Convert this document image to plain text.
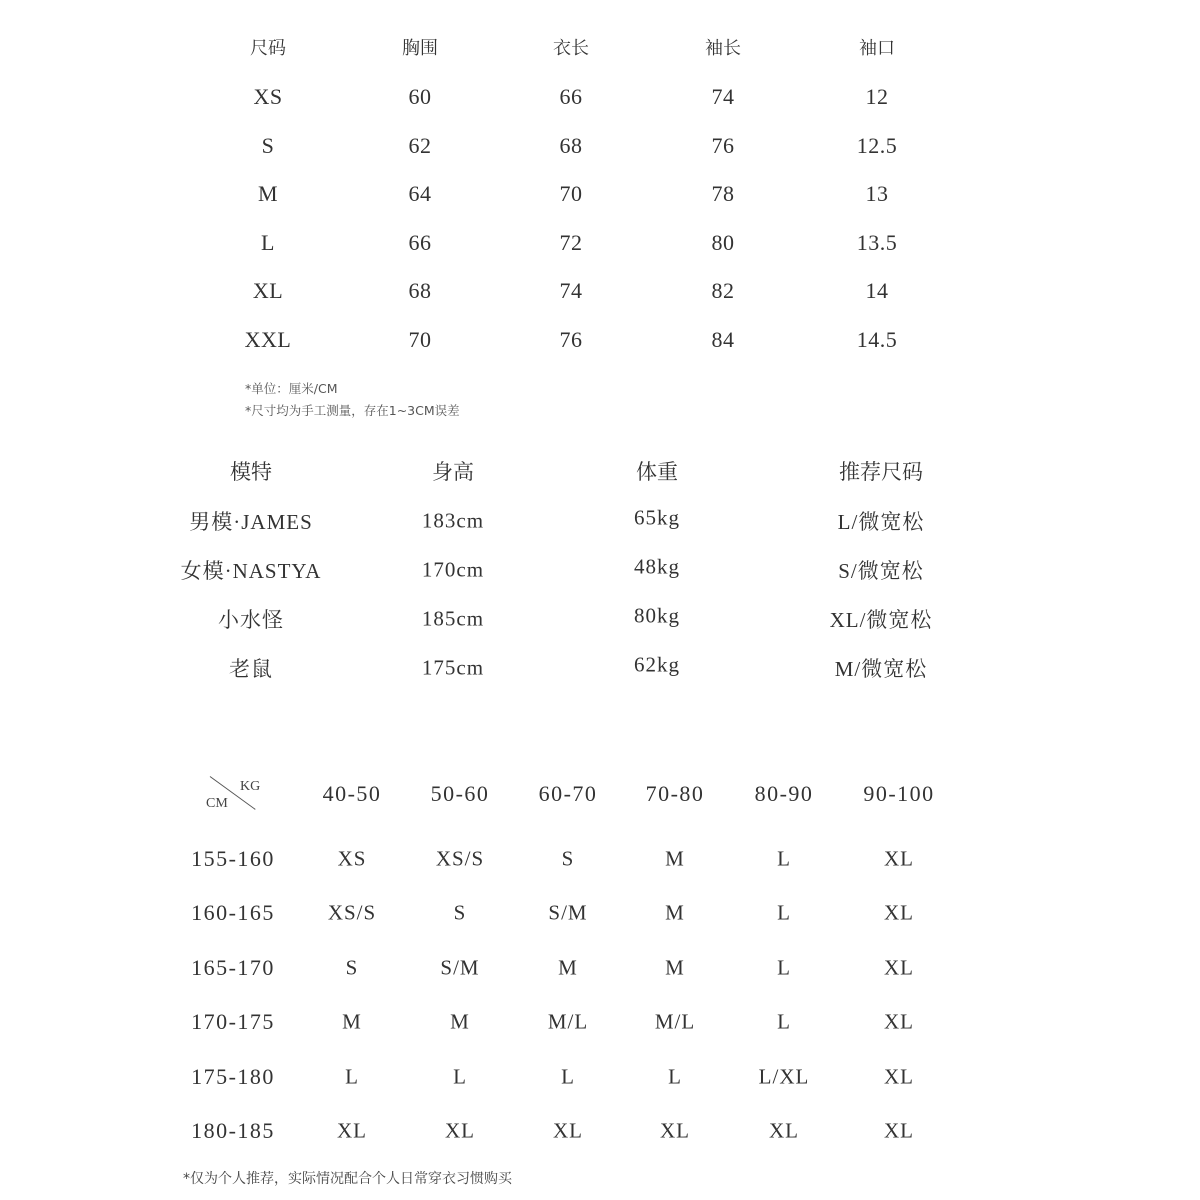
尺码	胸围	衣长	袖长	袖口
XS	60	66	74	12
S	62	68	76	12.5
M	64	70	78	13
L	66	72	80	13.5
XL	68	74	82	14
XXL	70	76	84	14.5
*单位：厘米/CM
*尺寸均为手工测量，存在1~3CM误差
模特	身高	体重	推荐尺码
男模·JAMES	183cm	65kg	L/微宽松
女模·NASTYA	170cm	48kg	S/微宽松
小水怪	185cm	80kg	XL/微宽松
老鼠	175cm	62kg	M/微宽松
KG
CM	40-50 50-60 60-70 70-80 80-90 90-100
155-160	XS	XS/S	S	M	L	XL
160-165	XS/S	S	S/M	M	L	XL
165-170	S	S/M	M	M	L	XL
170-175	M	M	M/L	M/L	L	XL
175-180	L	L	L	L	L/XL	XL
180-185	XL	XL	XL	XL	XL	XL
*仅为个人推荐，实际情况配合个人日常穿衣习惯购买
